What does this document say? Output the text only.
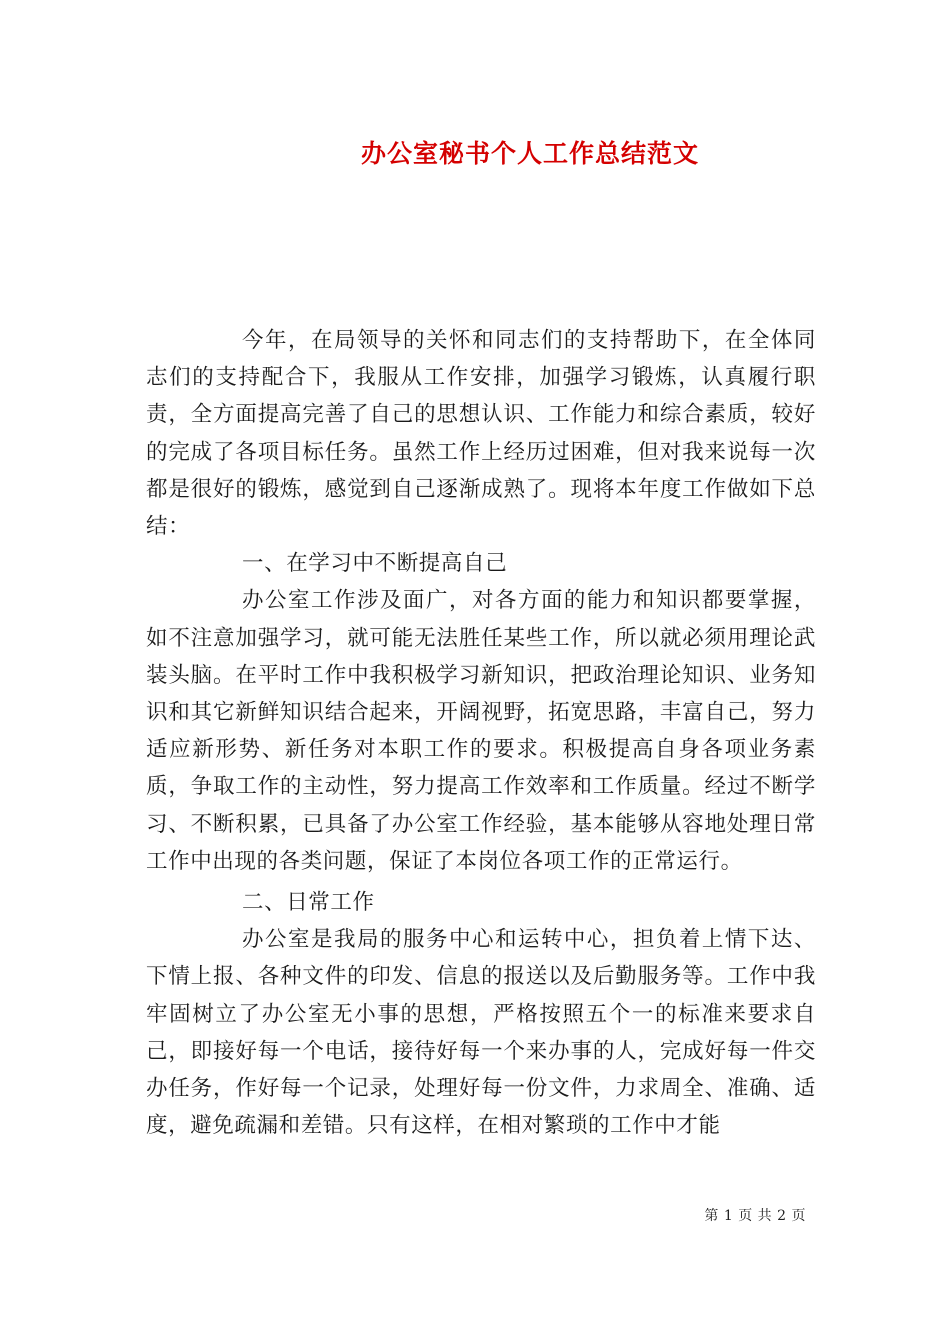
办公室秘书个人工作总结范文

今年，在局领导的关怀和同志们的支持帮助下，在全体同志们的支持配合下，我服从工作安排，加强学习锻炼，认真履行职责，全方面提高完善了自己的思想认识、工作能力和综合素质，较好的完成了各项目标任务。虽然工作上经历过困难，但对我来说每一次都是很好的锻炼，感觉到自己逐渐成熟了。现将本年度工作做如下总结：

一、在学习中不断提高自己

办公室工作涉及面广，对各方面的能力和知识都要掌握，如不注意加强学习，就可能无法胜任某些工作，所以就必须用理论武装头脑。在平时工作中我积极学习新知识，把政治理论知识、业务知识和其它新鲜知识结合起来，开阔视野，拓宽思路，丰富自己，努力适应新形势、新任务对本职工作的要求。积极提高自身各项业务素质，争取工作的主动性，努力提高工作效率和工作质量。经过不断学习、不断积累，已具备了办公室工作经验，基本能够从容地处理日常工作中出现的各类问题，保证了本岗位各项工作的正常运行。

二、日常工作

办公室是我局的服务中心和运转中心，担负着上情下达、下情上报、各种文件的印发、信息的报送以及后勤服务等。工作中我牢固树立了办公室无小事的思想，严格按照五个一的标准来要求自己，即接好每一个电话，接待好每一个来办事的人，完成好每一件交办任务，作好每一个记录，处理好每一份文件，力求周全、准确、适度，避免疏漏和差错。只有这样，在相对繁琐的工作中才能

第 1 页 共 2 页
